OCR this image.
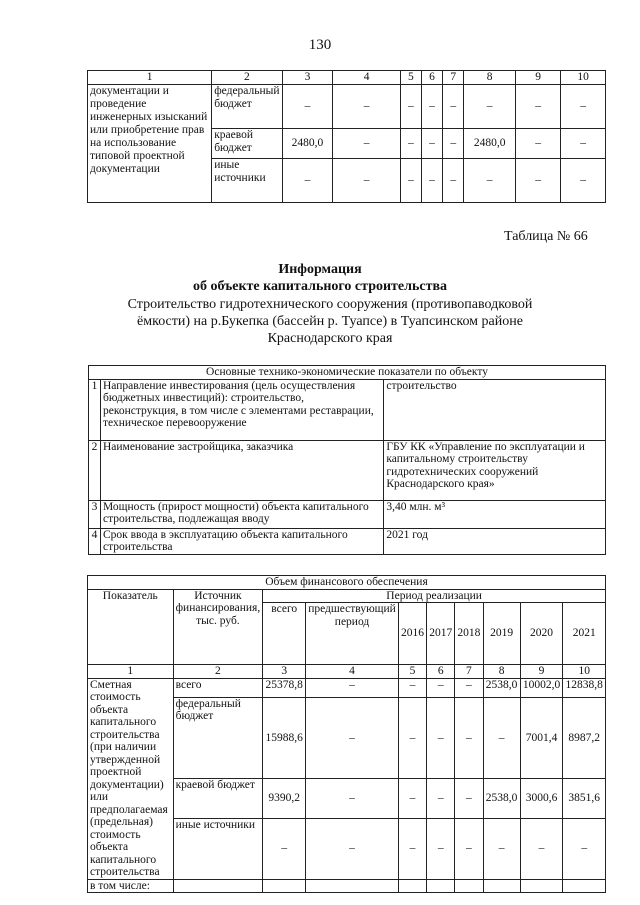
130
1	2	3	4	5	6	7	8	9	10
документации и проведение инженерных изысканий или приобретение прав на использование типовой проектной документации	федеральный бюджет	–	–	–	–	–	–	–	–
	краевой бюджет	2480,0	–	–	–	–	2480,0	–	–
	иные источники	–	–	–	–	–	–	–	–
Таблица № 66
Информация
об объекте капитального строительства
Строительство гидротехнического сооружения (противопаводковой ёмкости) на р.Букепка (бассейн р. Туапсе) в Туапсинском районе Краснодарского края
Основные технико-экономические показатели по объекту		
1	Направление инвестирования (цель осуществления бюджетных инвестиций): строительство, реконструкция, в том числе с элементами реставрации, техническое перевооружение	строительство
2	Наименование застройщика, заказчика	ГБУ КК «Управление по эксплуатации и капитальному строительству гидротехнических сооружений Краснодарского края»
3	Мощность (прирост мощности) объекта капитального строительства, подлежащая вводу	3,40 млн. м³
4	Срок ввода в эксплуатацию объекта капитального строительства	2021 год
Объем финансового обеспечения									
Показатель	Источник финансирования, тыс. руб.	Период реализации							
		всего	предшествующий период	2016	2017	2018	2019	2020	2021
1	2	3	4	5	6	7	8	9	10
Сметная стоимость объекта капитального строительства (при наличии утвержденной проектной документации) или предполагаемая (предельная) стоимость объекта капитального строительства	всего	25378,8	–	–	–	–	2538,0	10002,0	12838,8
	федеральный бюджет	15988,6	–	–	–	–	–	7001,4	8987,2
	краевой бюджет	9390,2	–	–	–	–	2538,0	3000,6	3851,6
	иные источники	–	–	–	–	–	–	–	–
в том числе:									
